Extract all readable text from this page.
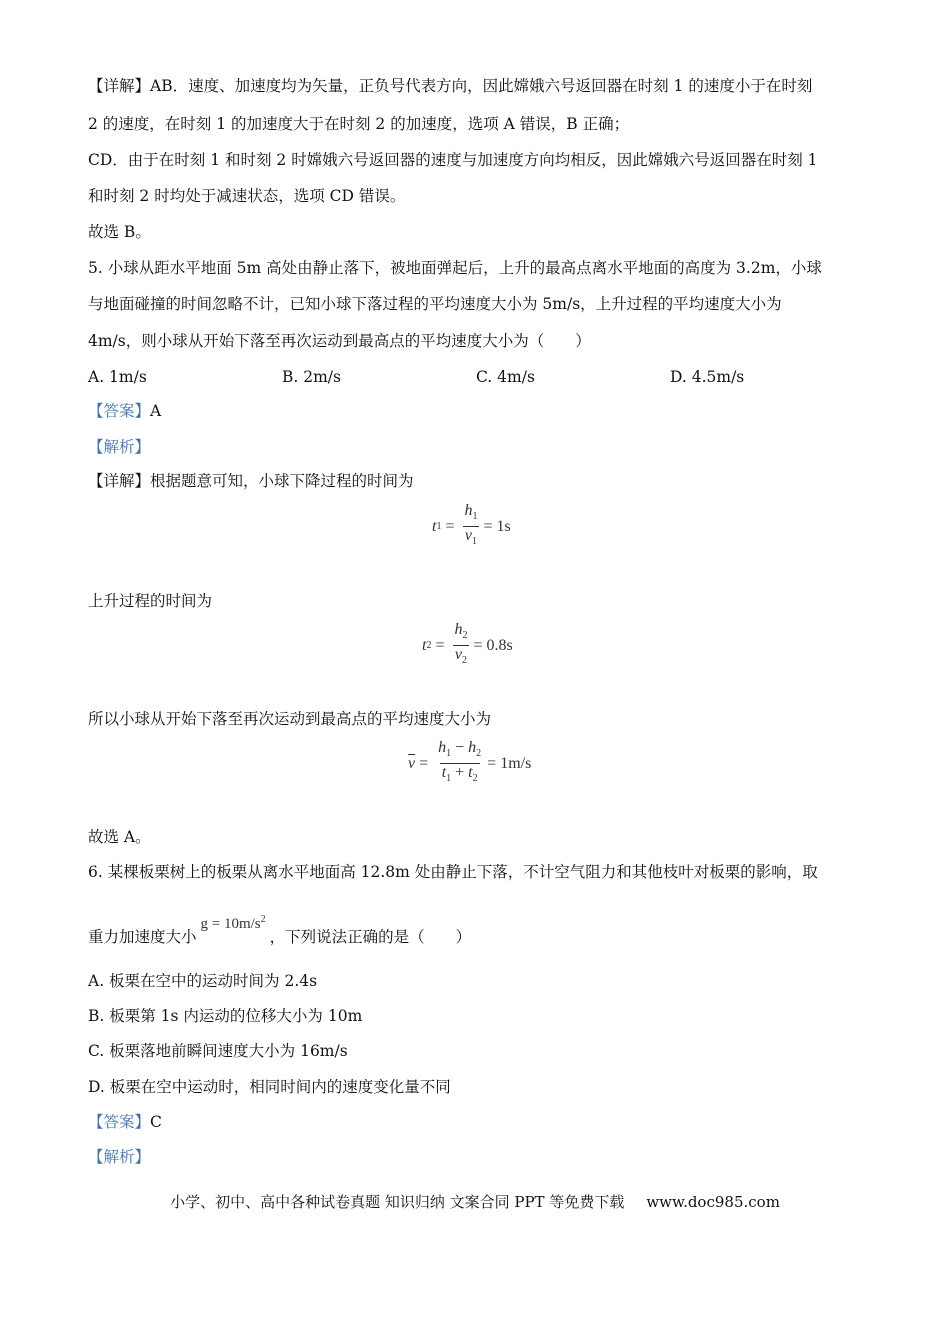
【详解】AB．速度、加速度均为矢量，正负号代表方向，因此嫦娥六号返回器在时刻 1 的速度小于在时刻
2 的速度，在时刻 1 的加速度大于在时刻 2 的加速度，选项 A 错误，B 正确；
CD．由于在时刻 1 和时刻 2 时嫦娥六号返回器的速度与加速度方向均相反，因此嫦娥六号返回器在时刻 1
和时刻 2 时均处于减速状态，选项 CD 错误。
故选 B。
5. 小球从距水平地面 5m 高处由静止落下，被地面弹起后，上升的最高点离水平地面的高度为 3.2m，小球
与地面碰撞的时间忽略不计，已知小球下落过程的平均速度大小为 5m/s，上升过程的平均速度大小为
4m/s，则小球从开始下落至再次运动到最高点的平均速度大小为（　　）
A. 1m/s	B. 2m/s	C. 4m/s	D. 4.5m/s
【答案】A
【解析】
【详解】根据题意可知，小球下降过程的时间为
t $1 = \frac{h_1}{\overline{v}_1} = 1s$
上升过程的时间为
t $2 = \frac{h_2}{\overline{v}_2} = 0.8s$
所以小球从开始下落至再次运动到最高点的平均速度大小为
$\overline{v} = \frac{h_1 - h_2}{t_1 + t_2} = 1m/s$
故选 A。
6. 某棵板栗树上的板栗从离水平地面高 12.8m 处由静止下落，不计空气阻力和其他枝叶对板栗的影响，取
重力加速度大小$g = 10m/s^2$，下列说法正确的是（　　）
A. 板栗在空中的运动时间为 2.4s
B. 板栗第 1s 内运动的位移大小为 10m
C. 板栗落地前瞬间速度大小为 16m/s
D. 板栗在空中运动时，相同时间内的速度变化量不同
【答案】C
【解析】
小学、初中、高中各种试卷真题 知识归纳 文案合同 PPT 等免费下载 www.doc985.com
